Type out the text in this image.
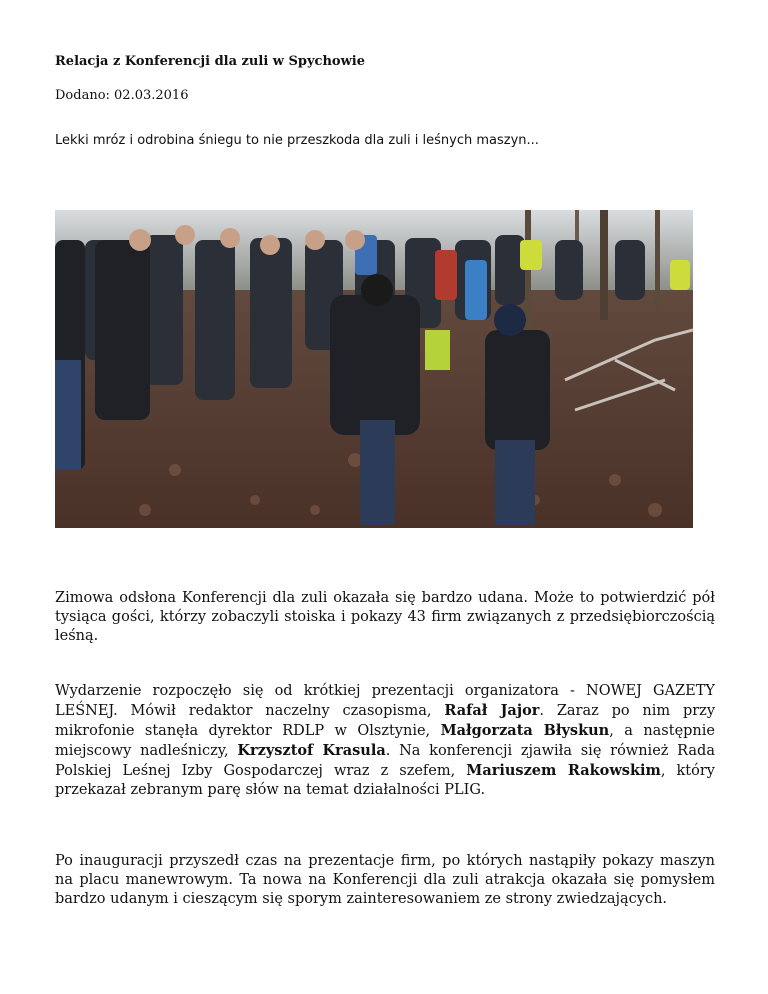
Relacja z Konferencji dla zuli w Spychowie
Dodano: 02.03.2016
Lekki mróz i odrobina śniegu to nie przeszkoda dla zuli i leśnych maszyn...

Zimowa odsłona Konferencji dla zuli okazała się bardzo udana. Może to potwierdzić pół tysiąca gości, którzy zobaczyli stoiska i pokazy 43 firm związanych z przedsiębiorczością leśną.

Wydarzenie rozpoczęło się od krótkiej prezentacji organizatora - NOWEJ GAZETY LEŚNEJ. Mówił redaktor naczelny czasopisma, Rafał Jajor. Zaraz po nim przy mikrofonie stanęła dyrektor RDLP w Olsztynie, Małgorzata Błyskun, a następnie miejscowy nadleśniczy, Krzysztof Krasula. Na konferencji zjawiła się również Rada Polskiej Leśnej Izby Gospodarczej wraz z szefem, Mariuszem Rakowskim, który przekazał zebranym parę słów na temat działalności PLIG.

Po inauguracji przyszedł czas na prezentacje firm, po których nastąpiły pokazy maszyn na placu manewrowym. Ta nowa na Konferencji dla zuli atrakcja okazała się pomysłem bardzo udanym i cieszącym się sporym zainteresowaniem ze strony zwiedzających.
